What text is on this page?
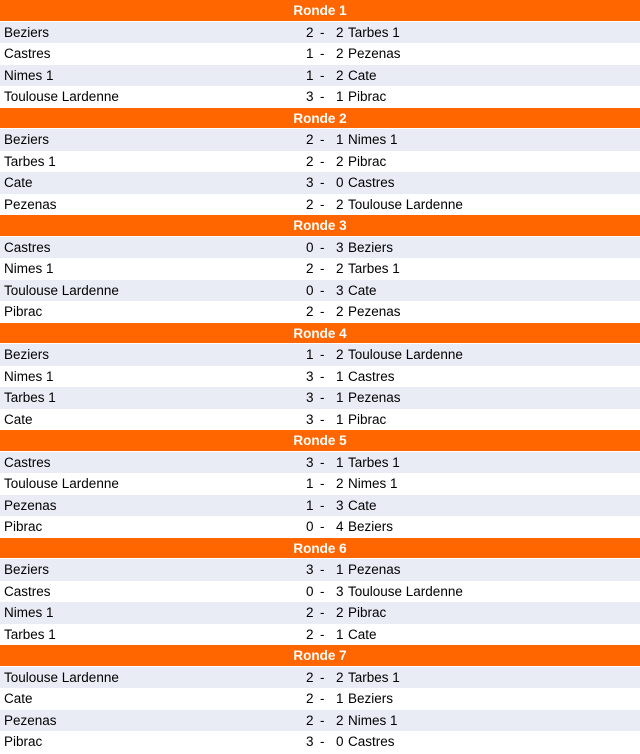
Ronde 1
Beziers	2 - 2 Tarbes 1
Castres	1 - 2 Pezenas
Nimes 1	1 - 2 Cate
Toulouse Lardenne	3 - 1 Pibrac
Ronde 2
Beziers	2 - 1 Nimes 1
Tarbes 1	2 - 2 Pibrac
Cate	3 - 0 Castres
Pezenas	2 - 2 Toulouse Lardenne
Ronde 3
Castres	0 - 3 Beziers
Nimes 1	2 - 2 Tarbes 1
Toulouse Lardenne	0 - 3 Cate
Pibrac	2 - 2 Pezenas
Ronde 4
Beziers	1 - 2 Toulouse Lardenne
Nimes 1	3 - 1 Castres
Tarbes 1	3 - 1 Pezenas
Cate	3 - 1 Pibrac
Ronde 5
Castres	3 - 1 Tarbes 1
Toulouse Lardenne	1 - 2 Nimes 1
Pezenas	1 - 3 Cate
Pibrac	0 - 4 Beziers
Ronde 6
Beziers	3 - 1 Pezenas
Castres	0 - 3 Toulouse Lardenne
Nimes 1	2 - 2 Pibrac
Tarbes 1	2 - 1 Cate
Ronde 7
Toulouse Lardenne	2 - 2 Tarbes 1
Cate	2 - 1 Beziers
Pezenas	2 - 2 Nimes 1
Pibrac	3 - 0 Castres
